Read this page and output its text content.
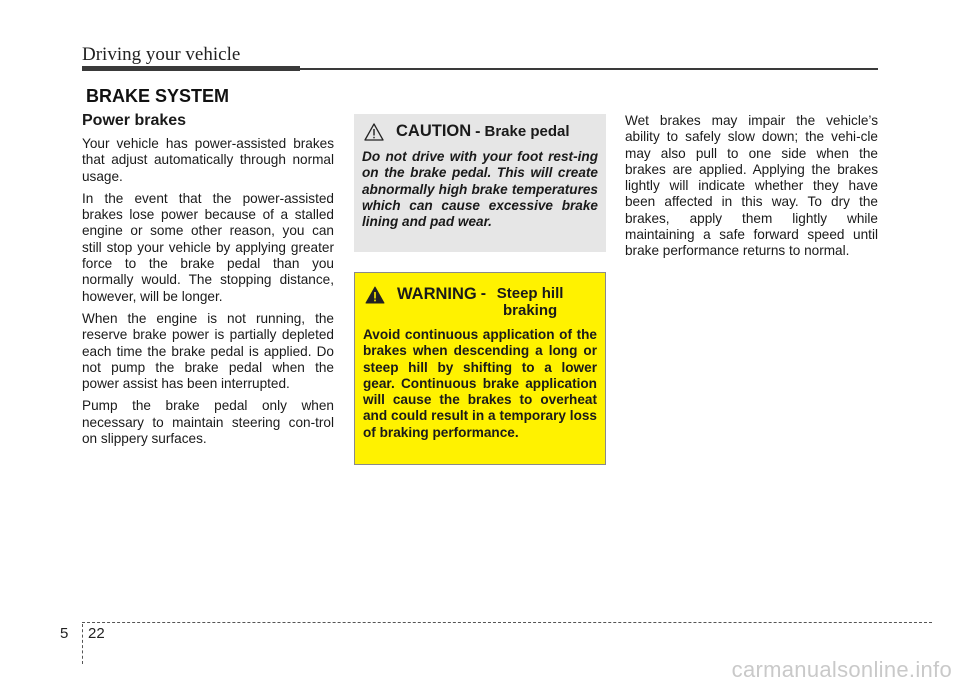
Driving your vehicle
BRAKE SYSTEM
Power brakes

Your vehicle has power-assisted brakes that adjust automatically through normal usage.

In the event that the power-assisted brakes lose power because of a stalled engine or some other reason, you can still stop your vehicle by applying greater force to the brake pedal than you normally would. The stopping distance, however, will be longer.

When the engine is not running, the reserve brake power is partially depleted each time the brake pedal is applied. Do not pump the brake pedal when the power assist has been interrupted.

Pump the brake pedal only when necessary to maintain steering con-trol on slippery surfaces.

CAUTION - Brake pedal
Do not drive with your foot rest-ing on the brake pedal. This will create abnormally high brake temperatures which can cause excessive brake lining and pad wear.
WARNING - Steep hill braking
Avoid continuous application of the brakes when descending a long or steep hill by shifting to a lower gear. Continuous brake application will cause the brakes to overheat and could result in a temporary loss of braking performance.

Wet brakes may impair the vehicle’s ability to safely slow down; the vehi-cle may also pull to one side when the brakes are applied. Applying the brakes lightly will indicate whether they have been affected in this way. To dry the brakes, apply them lightly while maintaining a safe forward speed until brake performance returns to normal.

5 22
carmanualsonline.info
